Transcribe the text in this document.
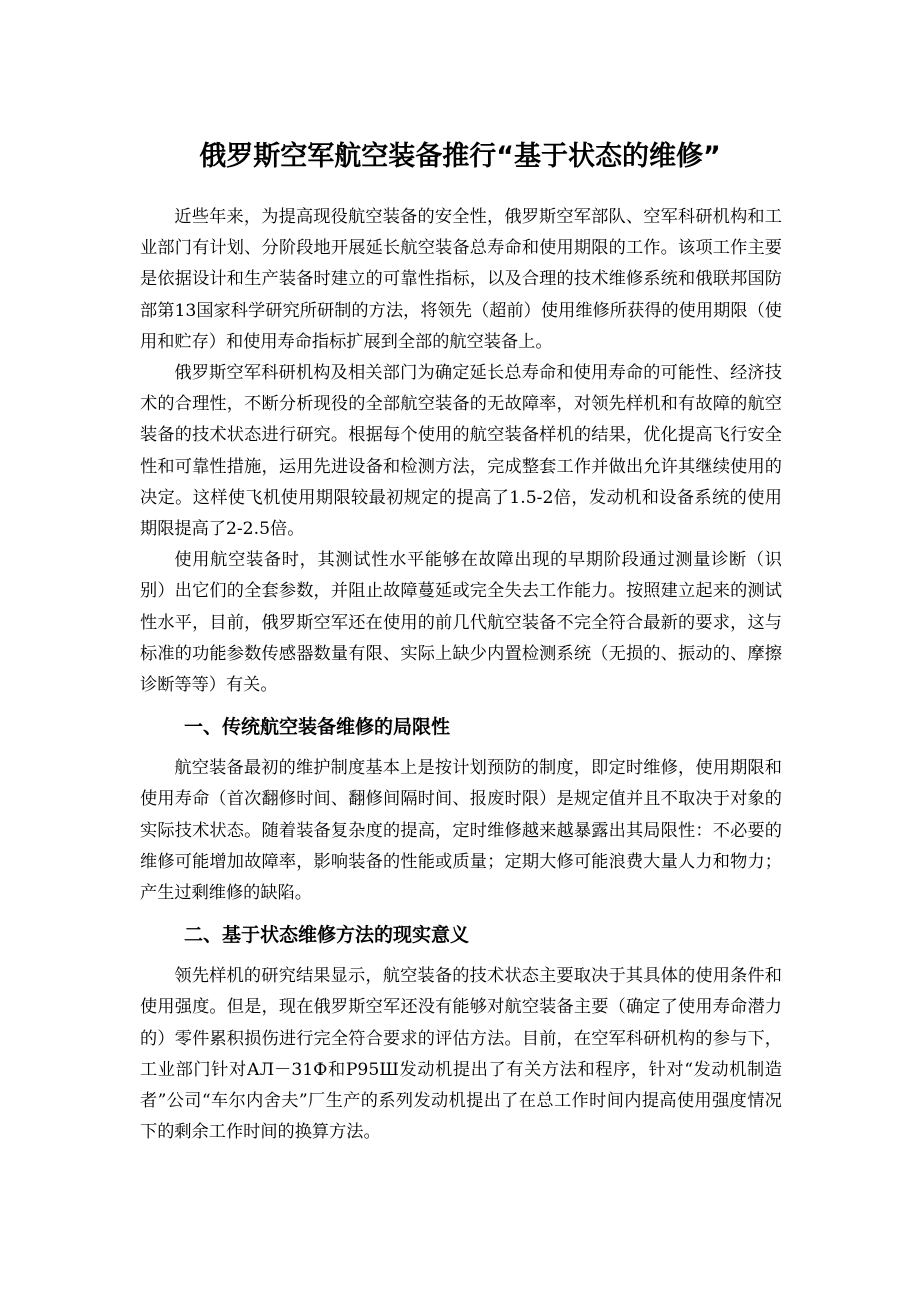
俄罗斯空军航空装备推行“基于状态的维修”

近些年来，为提高现役航空装备的安全性，俄罗斯空军部队、空军科研机构和工业部门有计划、分阶段地开展延长航空装备总寿命和使用期限的工作。该项工作主要是依据设计和生产装备时建立的可靠性指标，以及合理的技术维修系统和俄联邦国防部第13国家科学研究所研制的方法，将领先（超前）使用维修所获得的使用期限（使用和贮存）和使用寿命指标扩展到全部的航空装备上。

俄罗斯空军科研机构及相关部门为确定延长总寿命和使用寿命的可能性、经济技术的合理性，不断分析现役的全部航空装备的无故障率，对领先样机和有故障的航空装备的技术状态进行研究。根据每个使用的航空装备样机的结果，优化提高飞行安全性和可靠性措施，运用先进设备和检测方法，完成整套工作并做出允许其继续使用的决定。这样使飞机使用期限较最初规定的提高了1.5-2倍，发动机和设备系统的使用期限提高了2-2.5倍。

使用航空装备时，其测试性水平能够在故障出现的早期阶段通过测量诊断（识别）出它们的全套参数，并阻止故障蔓延或完全失去工作能力。按照建立起来的测试性水平，目前，俄罗斯空军还在使用的前几代航空装备不完全符合最新的要求，这与标准的功能参数传感器数量有限、实际上缺少内置检测系统（无损的、振动的、摩擦诊断等等）有关。

一、传统航空装备维修的局限性

航空装备最初的维护制度基本上是按计划预防的制度，即定时维修，使用期限和使用寿命（首次翻修时间、翻修间隔时间、报废时限）是规定值并且不取决于对象的实际技术状态。随着装备复杂度的提高，定时维修越来越暴露出其局限性：不必要的维修可能增加故障率，影响装备的性能或质量；定期大修可能浪费大量人力和物力；产生过剩维修的缺陷。

二、基于状态维修方法的现实意义

领先样机的研究结果显示，航空装备的技术状态主要取决于其具体的使用条件和使用强度。但是，现在俄罗斯空军还没有能够对航空装备主要（确定了使用寿命潜力的）零件累积损伤进行完全符合要求的评估方法。目前，在空军科研机构的参与下，工业部门针对АЛ－31Ф和Р95Ш发动机提出了有关方法和程序，针对“发动机制造者”公司“车尔内舍夫”厂生产的系列发动机提出了在总工作时间内提高使用强度情况下的剩余工作时间的换算方法。
